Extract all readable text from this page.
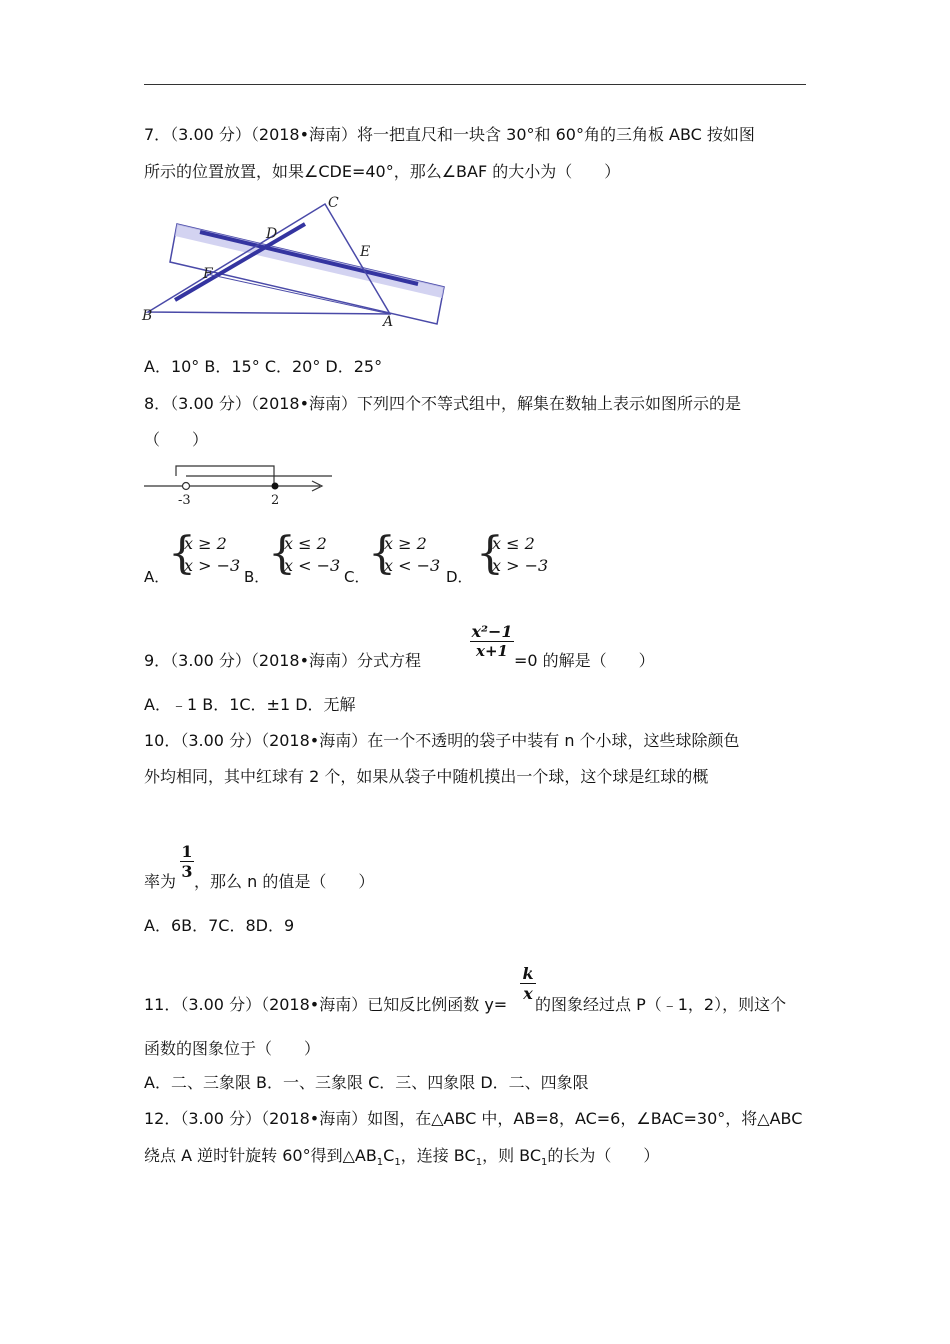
7．（3.00 分）（2018•海南）将一把直尺和一块含 30°和 60°角的三角板 ABC 按如图
所示的位置放置，如果∠CDE=40°，那么∠BAF 的大小为（　　）
C
D
E
F
B	A
A．10° B．15° C．20° D．25°
8．（3.00 分）（2018•海南）下列四个不等式组中，解集在数轴上表示如图所示的是
（　　）
-3	2
A．
{
x ≥ 2
x > −3
B．
{
x ≤ 2
x < −3
C．
{
x ≥ 2
x < −3
D． {
x ≤ 2
x > −3
9．（3.00 分）（2018•海南）分式方程
$\frac{\text{x²−1}}{x+1}$
=0 的解是（　　）
A．﹣1 B．1C．±1 D．无解
10．（3.00 分）（2018•海南）在一个不透明的袋子中装有 n 个小球，这些球除颜色
外均相同，其中红球有 2 个，如果从袋子中随机摸出一个球，这个球是红球的概
率为
$\frac{1}{3}$
，那么 n 的值是（　　）
A．6B．7C．8D．9
11．（3.00 分）（2018•海南）已知反比例函数 y=
$\frac{k}{x}$
的图象经过点 P（﹣1，2），则这个
函数的图象位于（　　）
A．二、三象限 B．一、三象限 C．三、四象限 D．二、四象限
12．（3.00 分）（2018•海南）如图，在△ABC 中，AB=8，AC=6，∠BAC=30°，将△ABC
绕点 A 逆时针旋转 60°得到$\triangle AB_1C_1$，连接 $BC_1$，则 $BC_1$的长为（　　）
